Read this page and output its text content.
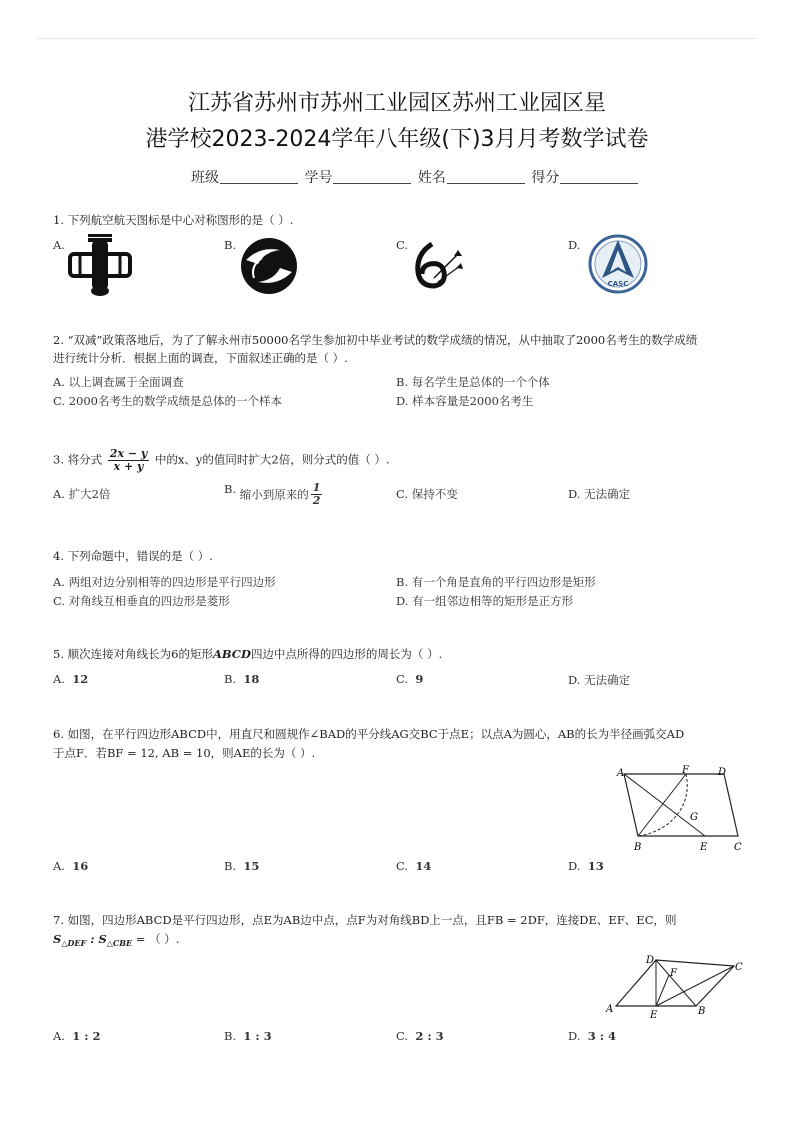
江苏省苏州市苏州工业园区苏州工业园区星
港学校2023-2024学年八年级(下)3月月考数学试卷
班级	学号	姓名	得分
1. 下列航空航天图标是中心对称图形的是（ ）.
A.	B.	C.	D.
CASC
2. “双减”政策落地后，为了了解永州市50000名学生参加初中毕业考试的数学成绩的情况，从中抽取了2000名考生的数学成绩
进行统计分析．根据上面的调查，下面叙述正确的是（ ）.
A. 以上调查属于全面调查	B. 每名学生是总体的一个个体
C. 2000名考生的数学成绩是总体的一个样本	D. 样本容量是2000名考生
3. 将分式 $\frac{2x - y}{x + y}$ 中的x、y的值同时扩大2倍，则分式的值（ ）.
A. 扩大2倍	B. 缩小到原来的 $\frac{1}{2}$	C. 保持不变	D. 无法确定
4. 下列命题中，错误的是（ ）.
A. 两组对边分别相等的四边形是平行四边形	B. 有一个角是直角的平行四边形是矩形
C. 对角线互相垂直的四边形是菱形	D. 有一组邻边相等的矩形是正方形
5. 顺次连接对角线长为6的矩形ABCD四边中点所得的四边形的周长为（ ）.
A. 12	B. 18	C. 9	D. 无法确定
6. 如图，在平行四边形ABCD中，用直尺和圆规作∠BAD的平分线AG交BC于点E；以点A为圆心，AB的长为半径画弧交AD
于点F．若BF = 12, AB = 10，则AE的长为（ ）.
A	F	D
G
B	E	C
A. 16	B. 15	C. 14	D. 13
7. 如图，四边形ABCD是平行四边形，点E为AB边中点，点F为对角线BD上一点，且FB = 2DF，连接DE、EF、EC，则
$S_{\triangle DEF}$ : $S_{\triangle CBE}$ = （ ）.
D
F
C
A
E	B
A. 1 : 2	B. 1 : 3	C. 2 : 3	D. 3 : 4
